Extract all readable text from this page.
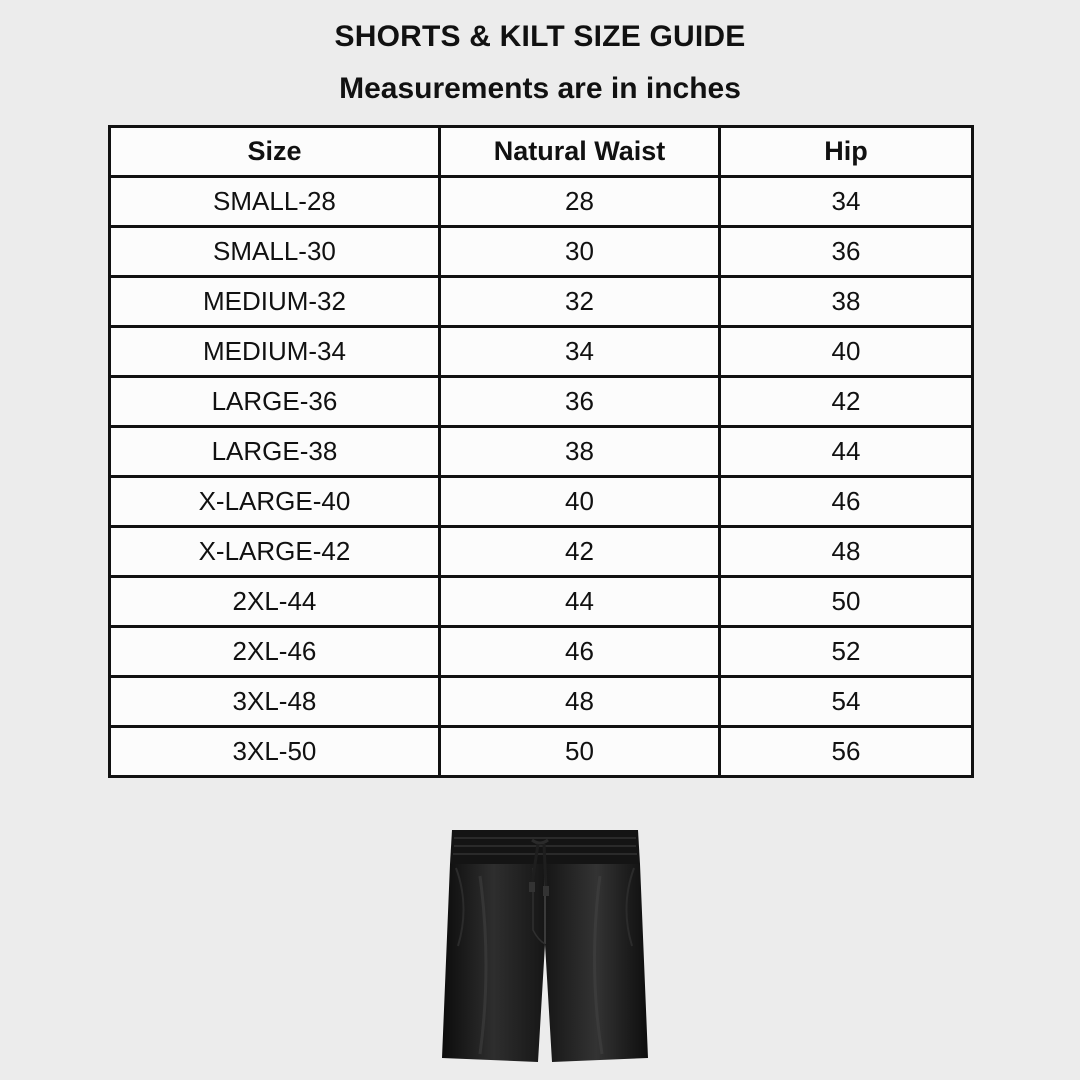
SHORTS & KILT SIZE GUIDE
Measurements are in inches
Size	Natural Waist	Hip
SMALL-28	28	34
SMALL-30	30	36
MEDIUM-32	32	38
MEDIUM-34	34	40
LARGE-36	36	42
LARGE-38	38	44
X-LARGE-40	40	46
X-LARGE-42	42	48
2XL-44	44	50
2XL-46	46	52
3XL-48	48	54
3XL-50	50	56
